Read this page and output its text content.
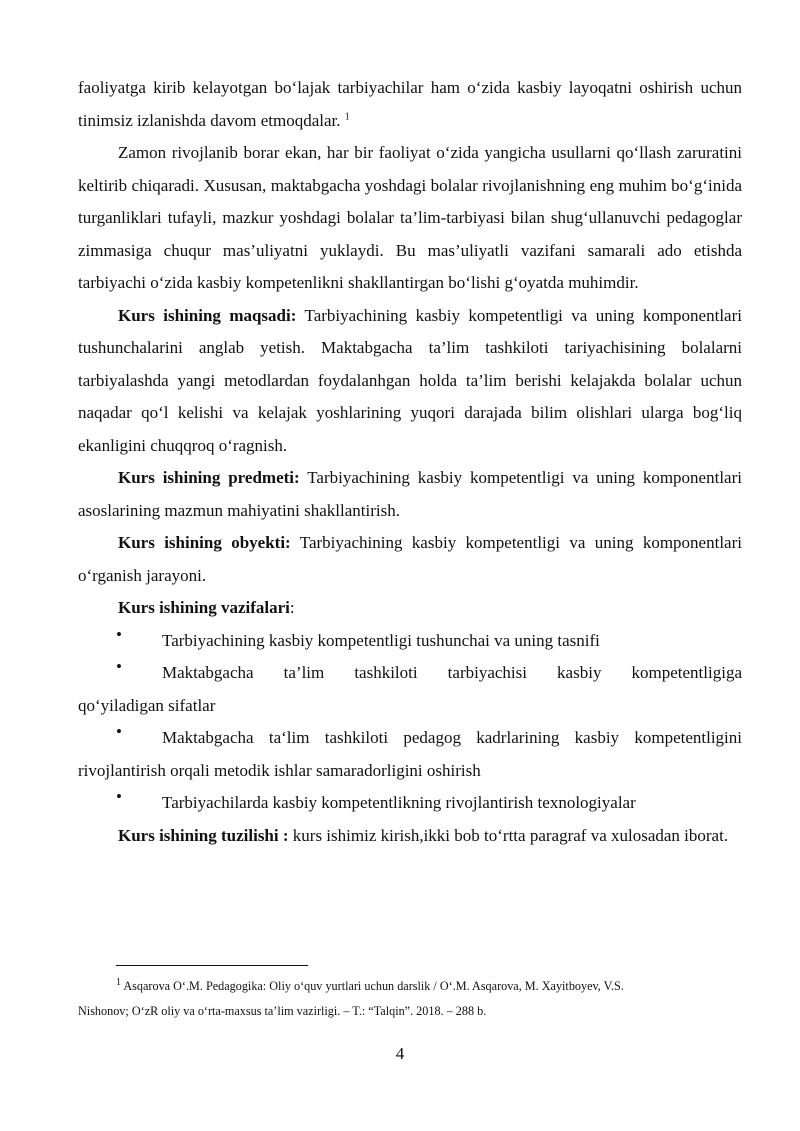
faoliyatga kirib kelayotgan bo‘lajak tarbiyachilar ham o‘zida kasbiy layoqatni oshirish uchun tinimsiz izlanishda davom etmoqdalar. $^1$

Zamon rivojlanib borar ekan, har bir faoliyat o‘zida yangicha usullarni qo‘llash zaruratini keltirib chiqaradi. Xususan, maktabgacha yoshdagi bolalar rivojlanishning eng muhim bo‘g‘inida turganliklari tufayli, mazkur yoshdagi bolalar ta’lim-tarbiyasi bilan shug‘ullanuvchi pedagoglar zimmasiga chuqur mas’uliyatni yuklaydi. Bu mas’uliyatli vazifani samarali ado etishda tarbiyachi o‘zida kasbiy kompetenlikni shakllantirgan bo‘lishi g‘oyatda muhimdir.

Kurs ishining maqsadi: Tarbiyachining kasbiy kompetentligi va uning komponentlari tushunchalarini anglab yetish. Maktabgacha ta’lim tashkiloti tariyachisining bolalarni tarbiyalashda yangi metodlardan foydalanhgan holda ta’lim berishi kelajakda bolalar uchun naqadar qo‘l kelishi va kelajak yoshlarining yuqori darajada bilim olishlari ularga bog‘liq ekanligini chuqqroq o‘ragnish.

Kurs ishining predmeti: Tarbiyachining kasbiy kompetentligi va uning komponentlari asoslarining mazmun mahiyatini shakllantirish.

Kurs ishining obyekti: Tarbiyachining kasbiy kompetentligi va uning komponentlari o‘rganish jarayoni.

Kurs ishining vazifalari:

•	Tarbiyachining kasbiy kompetentligi tushunchai va uning tasnifi

•	Maktabgacha ta’lim tashkiloti tarbiyachisi kasbiy kompetentligiga

qo‘yiladigan sifatlar

•	Maktabgacha ta‘lim tashkiloti pedagog kadrlarining kasbiy kompetentligini

rivojlantirish orqali metodik ishlar samaradorligini oshirish

•	Tarbiyachilarda kasbiy kompetentlikning rivojlantirish texnologiyalar

Kurs ishining tuzilishi : kurs ishimiz kirish,ikki bob to‘rtta paragraf va xulosadan iborat.

$^1$ Asqarova O‘.M. Pedagogika: Oliy o‘quv yurtlari uchun darslik / O‘.M. Asqarova, M. Xayitboyev, V.S.
Nishonov; O‘zR oliy va o‘rta-maxsus ta’lim vazirligi. – T.: “Talqin”. 2018. – 288 b.
4
